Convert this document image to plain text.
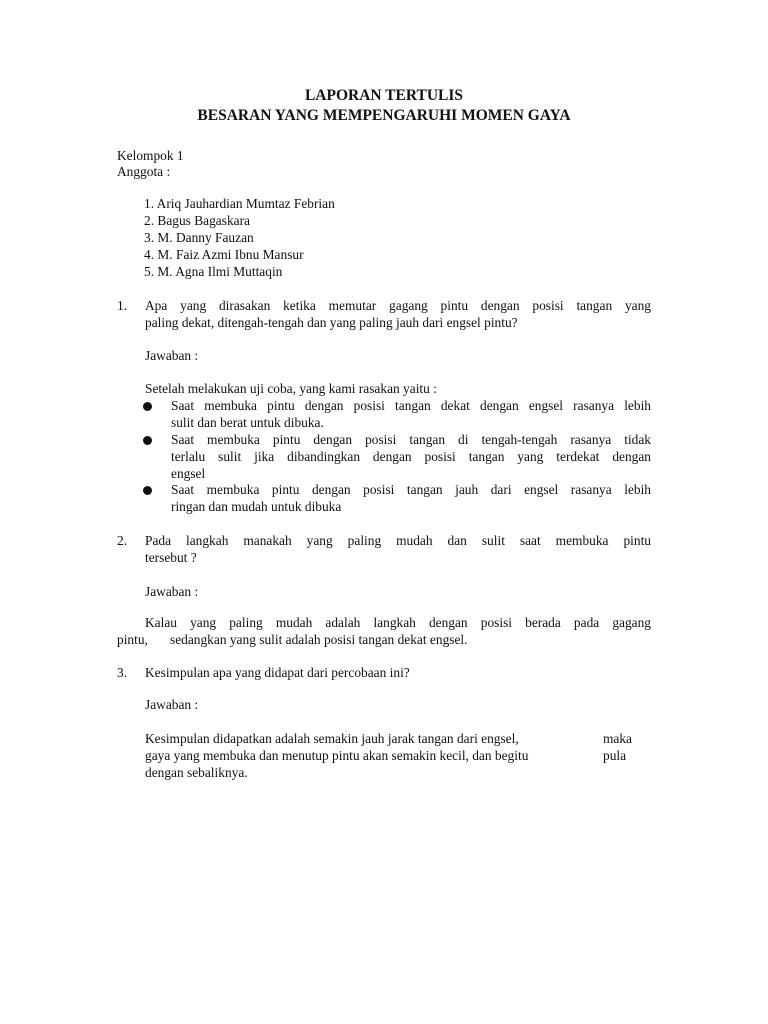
LAPORAN TERTULIS
BESARAN YANG MEMPENGARUHI MOMEN GAYA
Kelompok 1
Anggota :
1. Ariq Jauhardian Mumtaz Febrian
2. Bagus Bagaskara
3. M. Danny Fauzan
4. M. Faiz Azmi Ibnu Mansur
5. M. Agna Ilmi Muttaqin
1. Apa yang dirasakan ketika memutar gagang pintu dengan posisi tangan yang
paling dekat, ditengah-tengah dan yang paling jauh dari engsel pintu?
Jawaban :
Setelah melakukan uji coba, yang kami rasakan yaitu :
Saat membuka pintu dengan posisi tangan dekat dengan engsel rasanya lebih
sulit dan berat untuk dibuka.
Saat membuka pintu dengan posisi tangan di tengah-tengah rasanya tidak
terlalu sulit jika dibandingkan dengan posisi tangan yang terdekat dengan
engsel
Saat membuka pintu dengan posisi tangan jauh dari engsel rasanya lebih
ringan dan mudah untuk dibuka
2. Pada langkah manakah yang paling mudah dan sulit saat membuka pintu
tersebut ?
Jawaban :
Kalau yang paling mudah adalah langkah dengan posisi berada pada gagang
pintu, sedangkan yang sulit adalah posisi tangan dekat engsel.
3. Kesimpulan apa yang didapat dari percobaan ini?
Jawaban :
Kesimpulan didapatkan adalah semakin jauh jarak tangan dari engsel,	maka
gaya yang membuka dan menutup pintu akan semakin kecil, dan begitu	pula
dengan sebaliknya.
